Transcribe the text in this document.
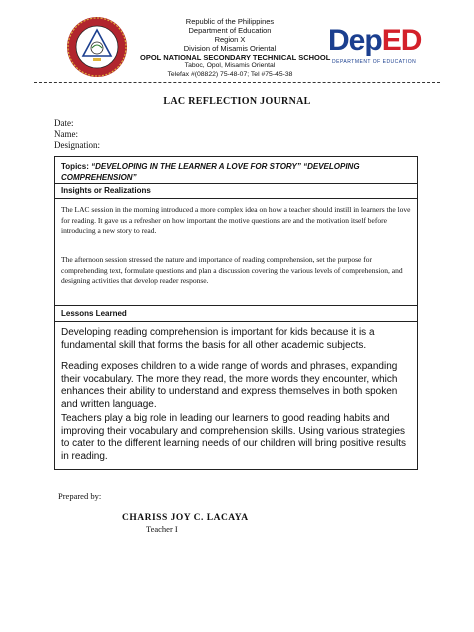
DepED
DEPARTMENT OF EDUCATION
Republic of the Philippines
Department of Education
Region X
Division of Misamis Oriental
OPOL NATIONAL SECONDARY TECHNICAL SCHOOL
Taboc, Opol, Misamis Oriental
Telefax #(08822) 75-48-07; Tel #75-45-38
LAC REFLECTION JOURNAL
Date:
Name:
Designation:
Topics: “DEVELOPING IN THE LEARNER A LOVE FOR STORY” “DEVELOPING COMPREHENSION”
Insights or Realizations

The LAC session in the morning introduced a more complex idea on how a teacher should instill in learners the love for reading. It gave us a refresher on how important the motive questions are and the motivation itself before introducing a new story to read.

The afternoon session stressed the nature and importance of reading comprehension, set the purpose for comprehending text, formulate questions and plan a discussion covering the various levels of comprehension, and designing activities that develop reader response.

Lessons Learned

Developing reading comprehension is important for kids because it is a fundamental skill that forms the basis for all other academic subjects.

Reading exposes children to a wide range of words and phrases, expanding their vocabulary. The more they read, the more words they encounter, which enhances their ability to understand and express themselves in both spoken and written language.

Teachers play a big role in leading our learners to good reading habits and improving their vocabulary and comprehension skills. Using various strategies to cater to the different learning needs of our children will bring positive results in reading.

Prepared by:
CHARISS JOY C. LACAYA
Teacher I
